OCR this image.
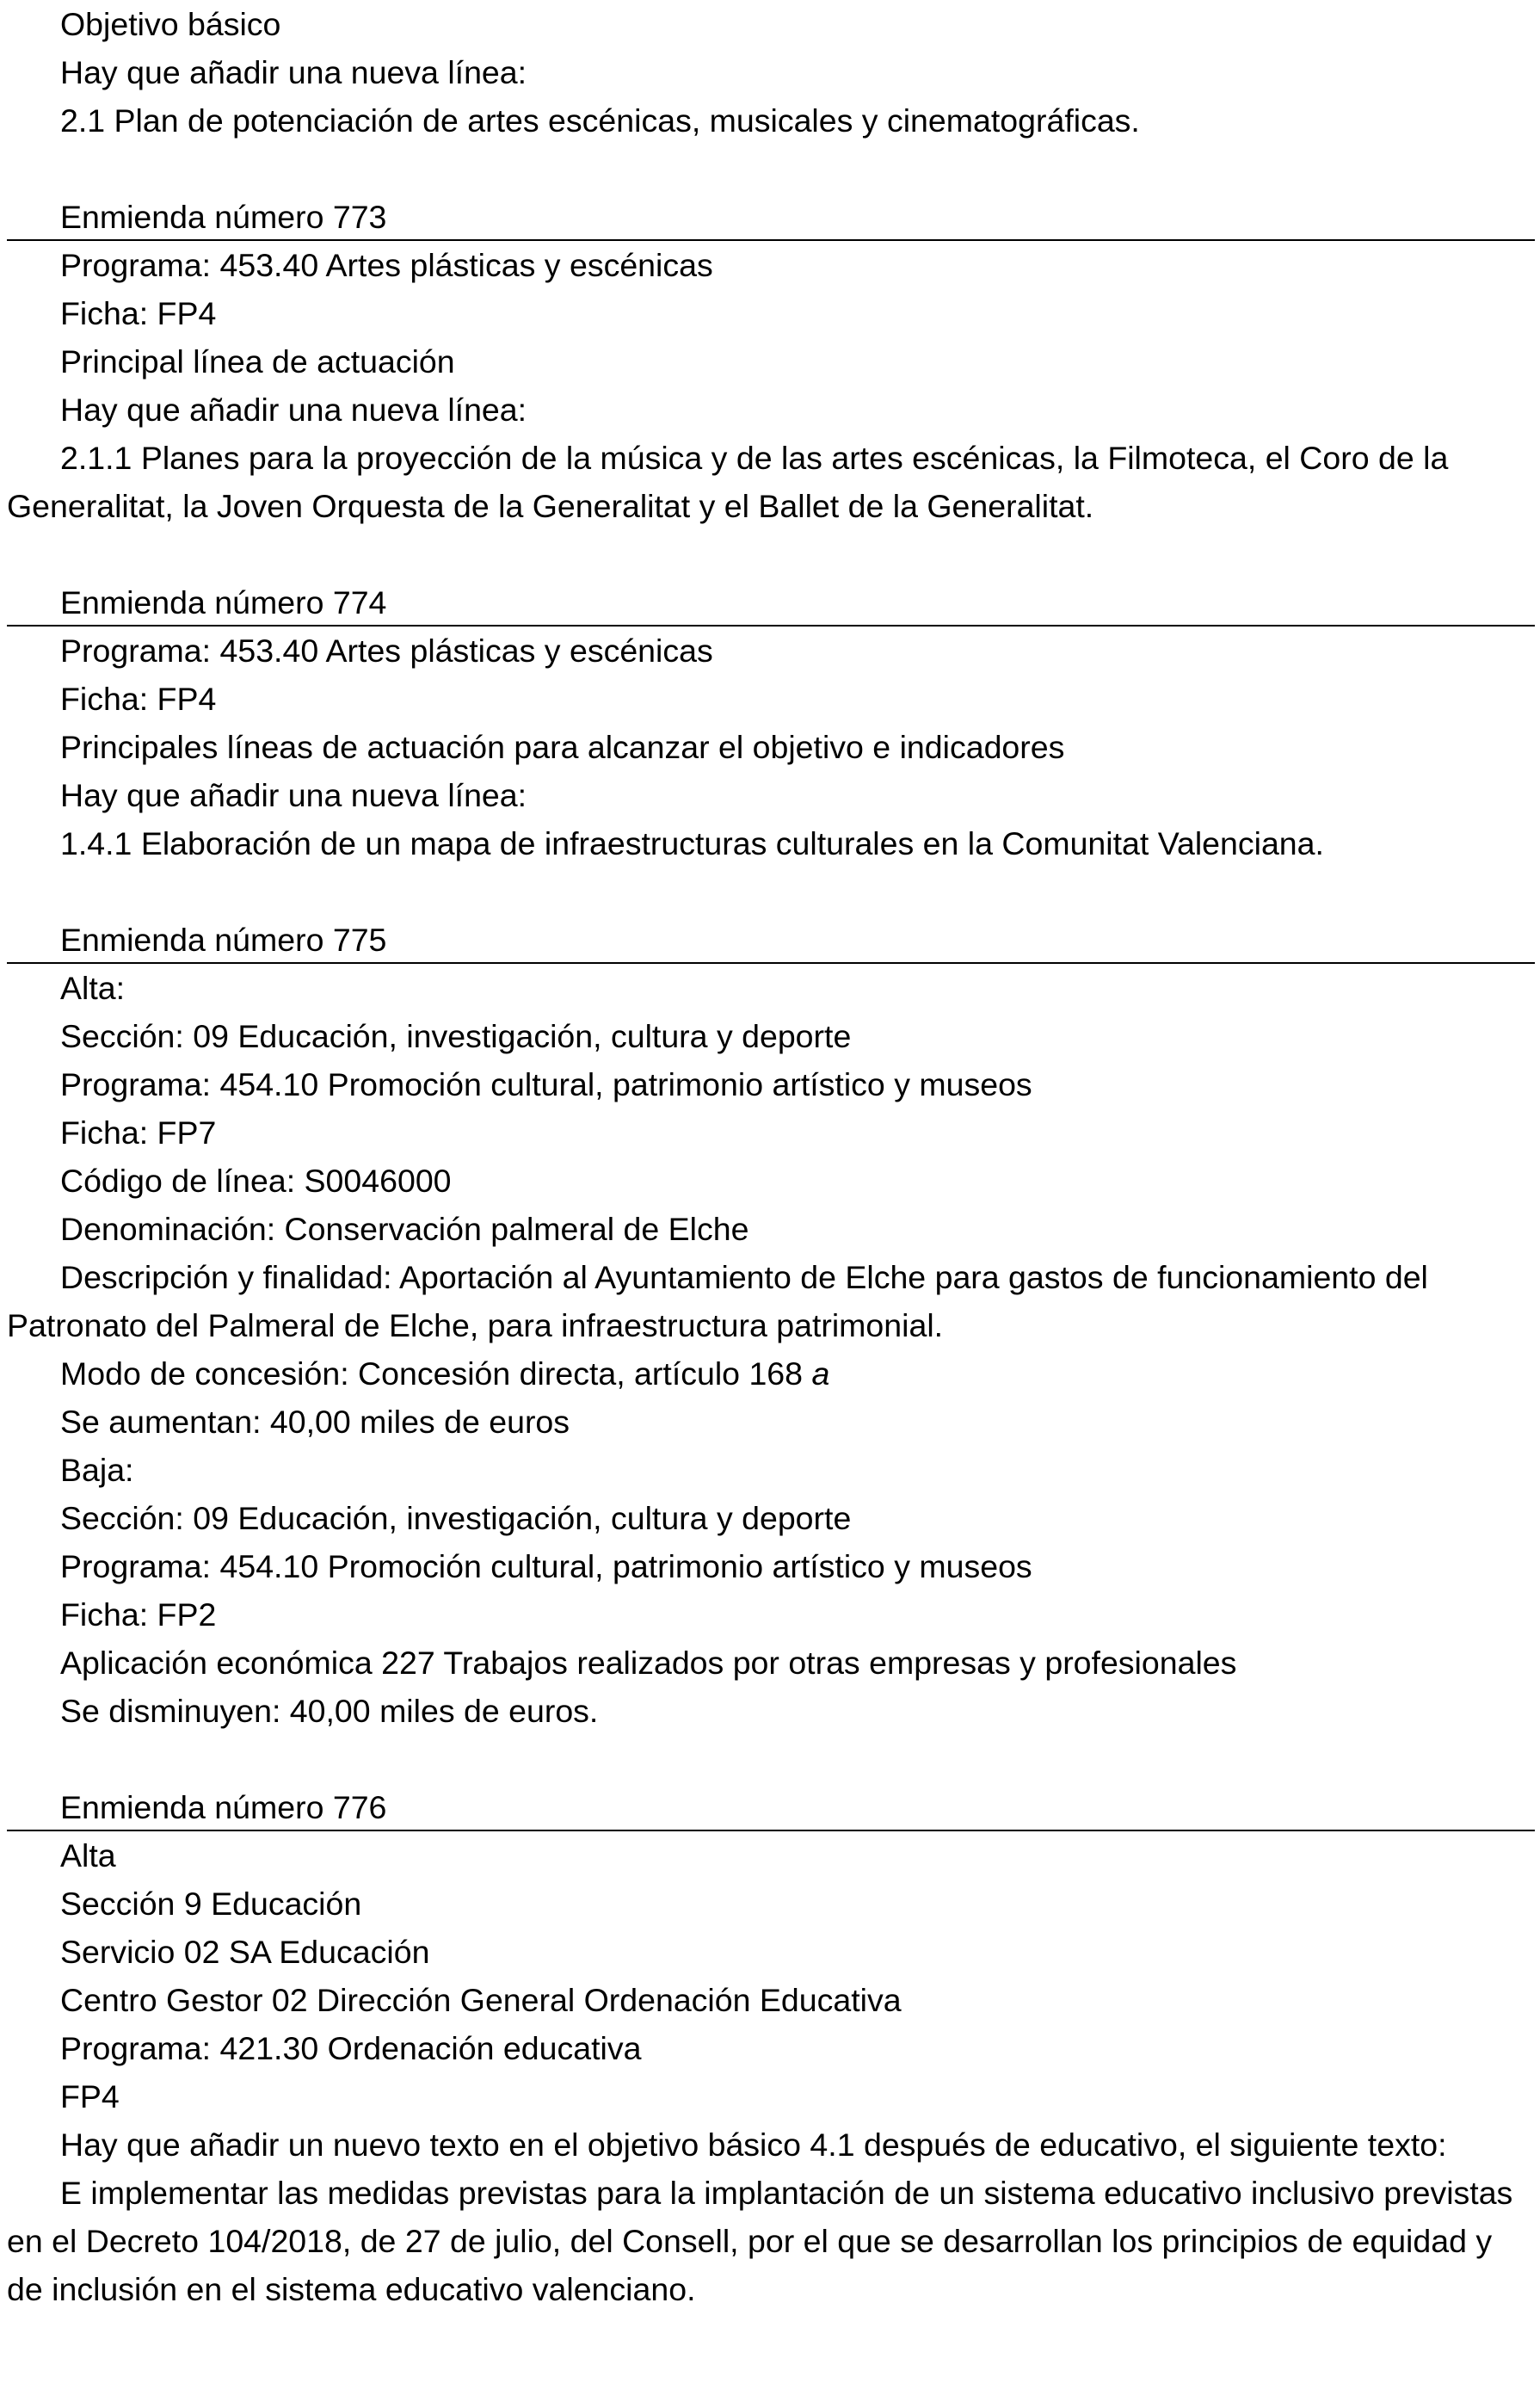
Objetivo básico

Hay que añadir una nueva línea:

2.1 Plan de potenciación de artes escénicas, musicales y cinematográficas.

Enmienda número 773

Programa: 453.40 Artes plásticas y escénicas

Ficha: FP4

Principal línea de actuación

Hay que añadir una nueva línea:

2.1.1 Planes para la proyección de la música y de las artes escénicas, la Filmoteca, el Coro de la Generalitat, la Joven Orquesta de la Generalitat y el Ballet de la Generalitat.

Enmienda número 774

Programa: 453.40 Artes plásticas y escénicas

Ficha: FP4

Principales líneas de actuación para alcanzar el objetivo e indicadores

Hay que añadir una nueva línea:

1.4.1 Elaboración de un mapa de infraestructuras culturales en la Comunitat Valenciana.

Enmienda número 775

Alta:

Sección: 09 Educación, investigación, cultura y deporte

Programa: 454.10 Promoción cultural, patrimonio artístico y museos

Ficha: FP7

Código de línea: S0046000

Denominación: Conservación palmeral de Elche

Descripción y finalidad: Aportación al Ayuntamiento de Elche para gastos de funcionamiento del Patronato del Palmeral de Elche, para infraestructura patrimonial.

Modo de concesión: Concesión directa, artículo 168 a

Se aumentan: 40,00 miles de euros

Baja:

Sección: 09 Educación, investigación, cultura y deporte

Programa: 454.10 Promoción cultural, patrimonio artístico y museos

Ficha: FP2

Aplicación económica 227 Trabajos realizados por otras empresas y profesionales

Se disminuyen: 40,00 miles de euros.

Enmienda número 776

Alta

Sección 9 Educación

Servicio 02 SA Educación

Centro Gestor 02 Dirección General Ordenación Educativa

Programa: 421.30 Ordenación educativa

FP4

Hay que añadir un nuevo texto en el objetivo básico 4.1 después de educativo, el siguiente texto:

E implementar las medidas previstas para la implantación de un sistema educativo inclusivo previstas en el Decreto 104/2018, de 27 de julio, del Consell, por el que se desarrollan los principios de equidad y de inclusión en el sistema educativo valenciano.
